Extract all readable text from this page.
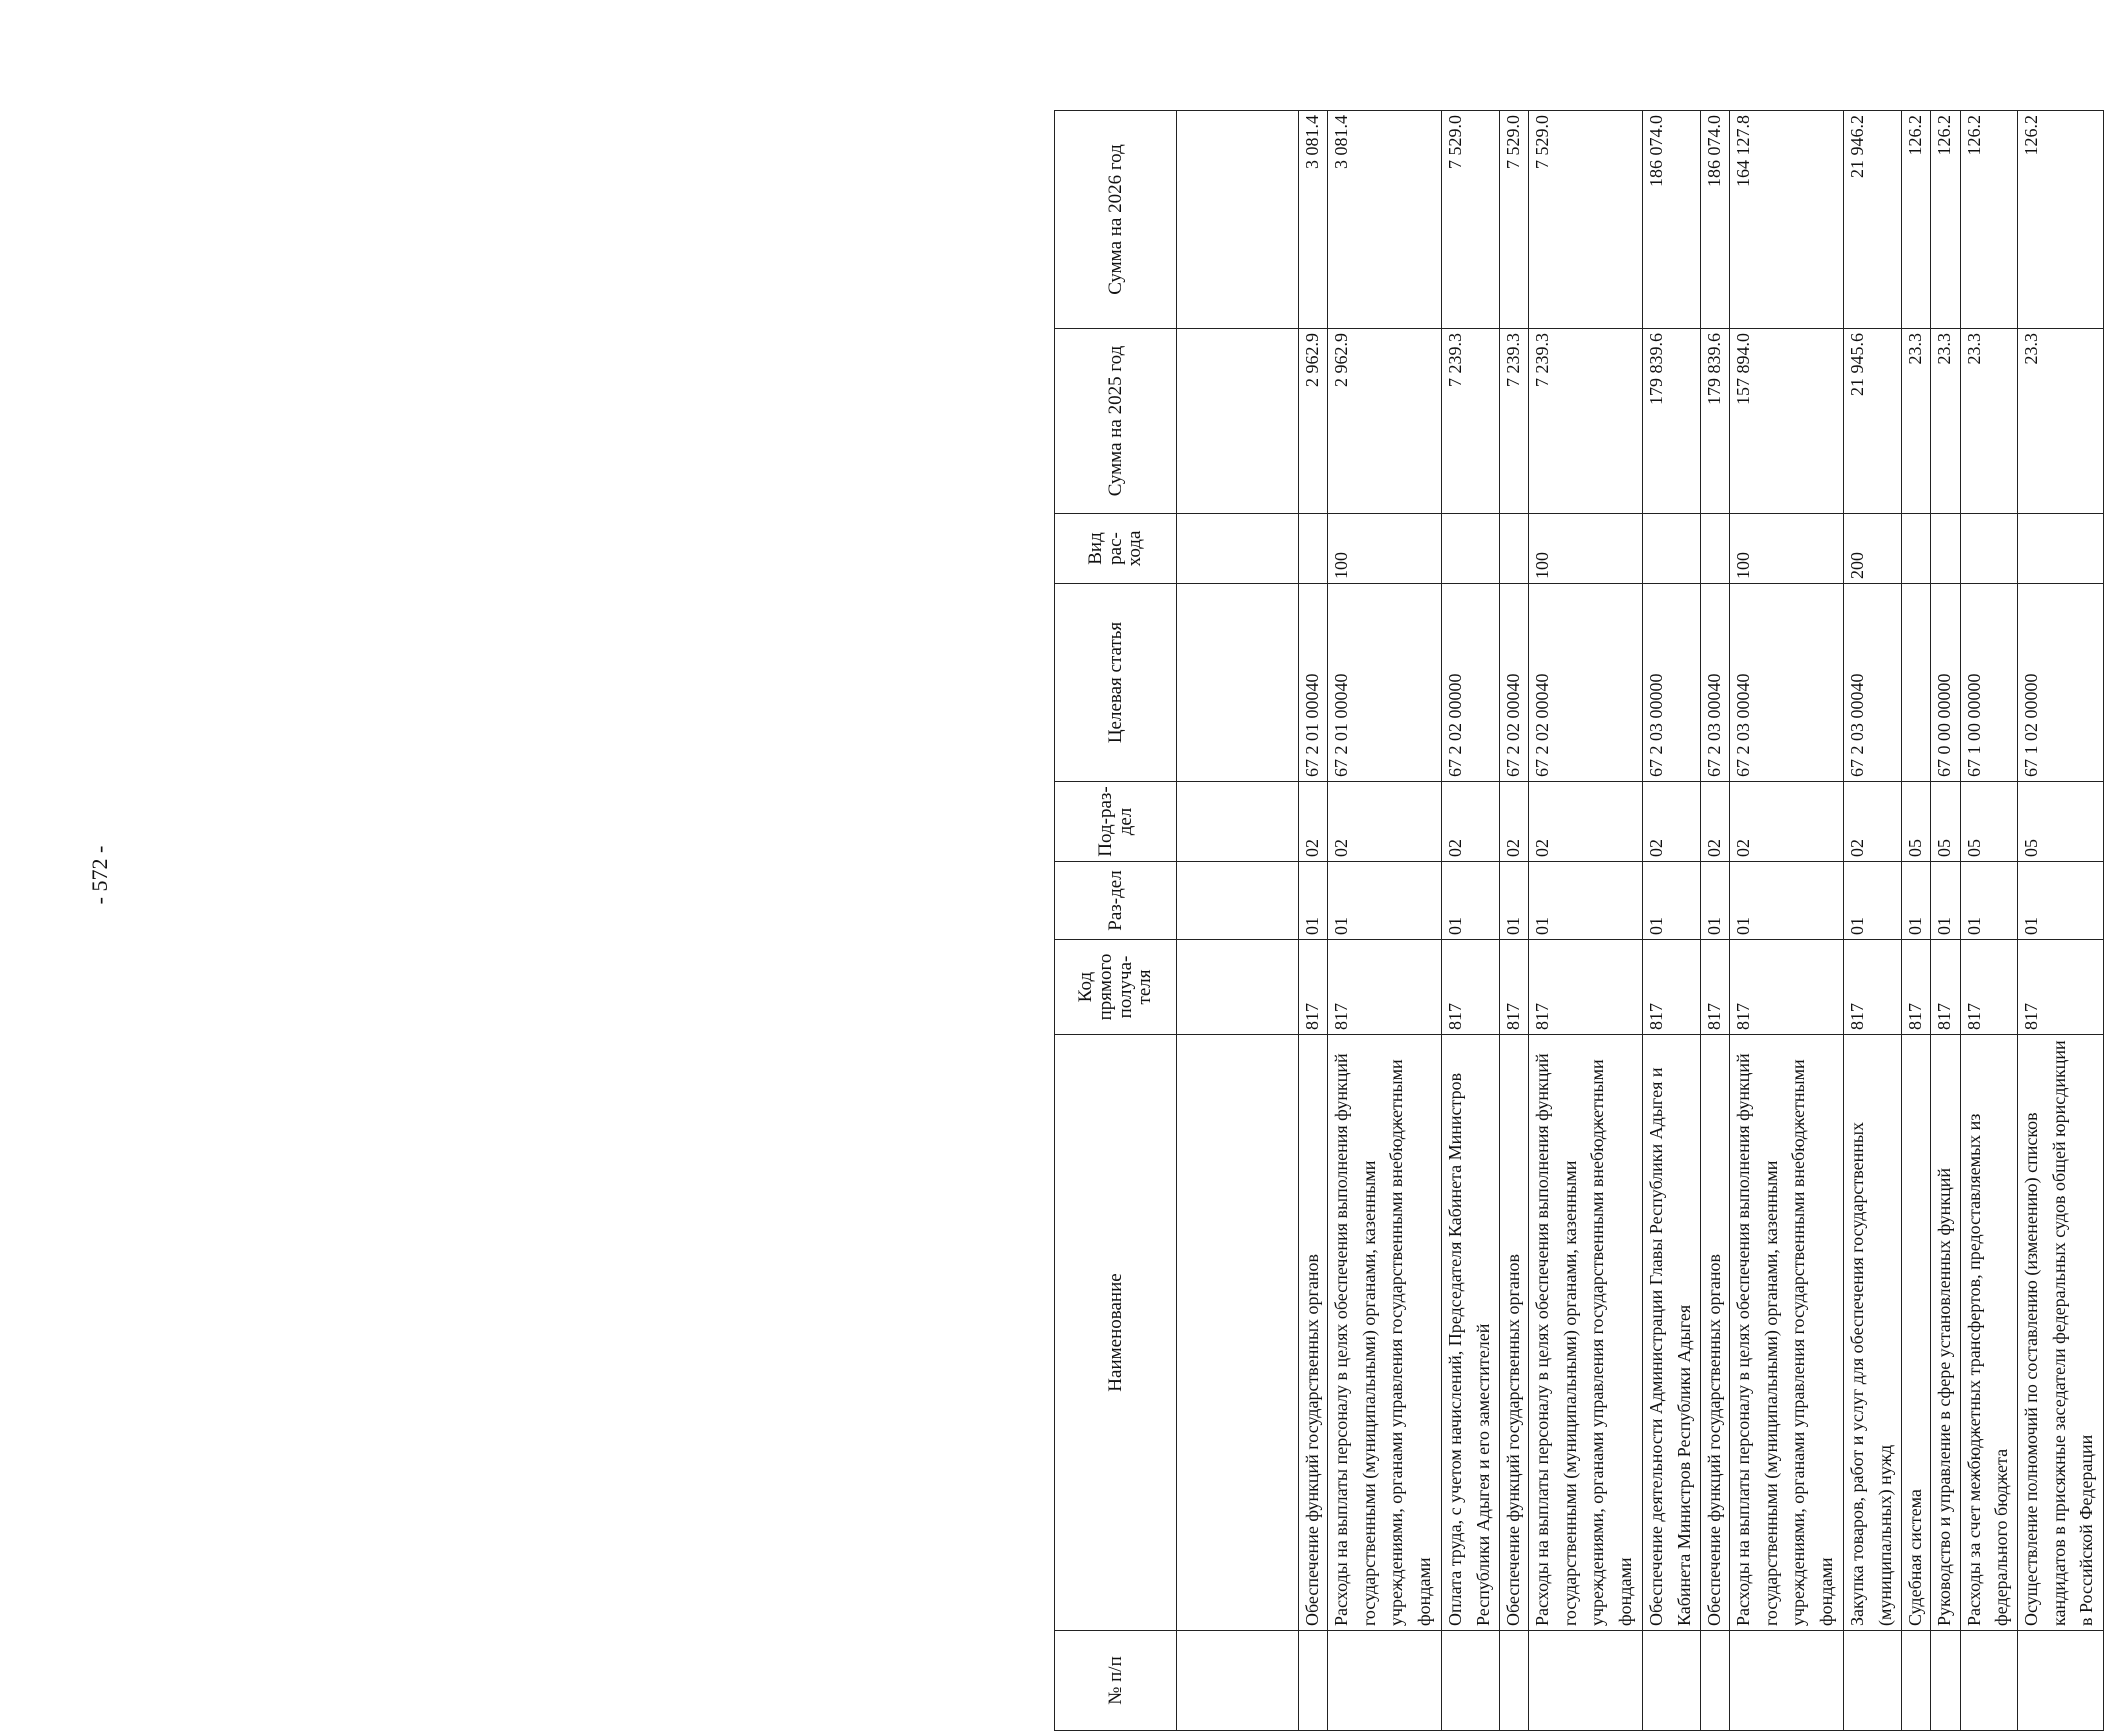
- 572 -
№ п/п	Наименование	Код прямого получа-теля	Раз-дел	Под-раз-дел	Целевая статья	Вид рас-хода	Сумма на 2025 год	Сумма на 2026 год

	Обеспечение функций государственных органов	817	01	02	67 2 01 00040		2 962.9	3 081.4
	Расходы на выплаты персоналу в целях обеспечения выполнения функций государственными (муниципальными) органами, казенными учреждениями, органами управления государственными внебюджетными фондами	817	01	02	67 2 01 00040	100	2 962.9	3 081.4
	Оплата труда, с учетом начислений, Председателя Кабинета Министров Республики Адыгея и его заместителей	817	01	02	67 2 02 00000		7 239.3	7 529.0
	Обеспечение функций государственных органов	817	01	02	67 2 02 00040		7 239.3	7 529.0
	Расходы на выплаты персоналу в целях обеспечения выполнения функций государственными (муниципальными) органами, казенными учреждениями, органами управления государственными внебюджетными фондами	817	01	02	67 2 02 00040	100	7 239.3	7 529.0
	Обеспечение деятельности Администрации Главы Республики Адыгея и Кабинета Министров Республики Адыгея	817	01	02	67 2 03 00000		179 839.6	186 074.0
	Обеспечение функций государственных органов	817	01	02	67 2 03 00040		179 839.6	186 074.0
	Расходы на выплаты персоналу в целях обеспечения выполнения функций государственными (муниципальными) органами, казенными учреждениями, органами управления государственными внебюджетными фондами	817	01	02	67 2 03 00040	100	157 894.0	164 127.8
	Закупка товаров, работ и услуг для обеспечения государственных (муниципальных) нужд	817	01	02	67 2 03 00040	200	21 945.6	21 946.2
	Судебная система	817	01	05			23.3	126.2
	Руководство и управление в сфере установленных функций	817	01	05	67 0 00 00000		23.3	126.2
	Расходы за счет межбюджетных трансфертов, предоставляемых из федерального бюджета	817	01	05	67 1 00 00000		23.3	126.2
	Осуществление полномочий по составлению (изменению) списков кандидатов в присяжные заседатели федеральных судов общей юрисдикции в Российской Федерации	817	01	05	67 1 02 00000		23.3	126.2
